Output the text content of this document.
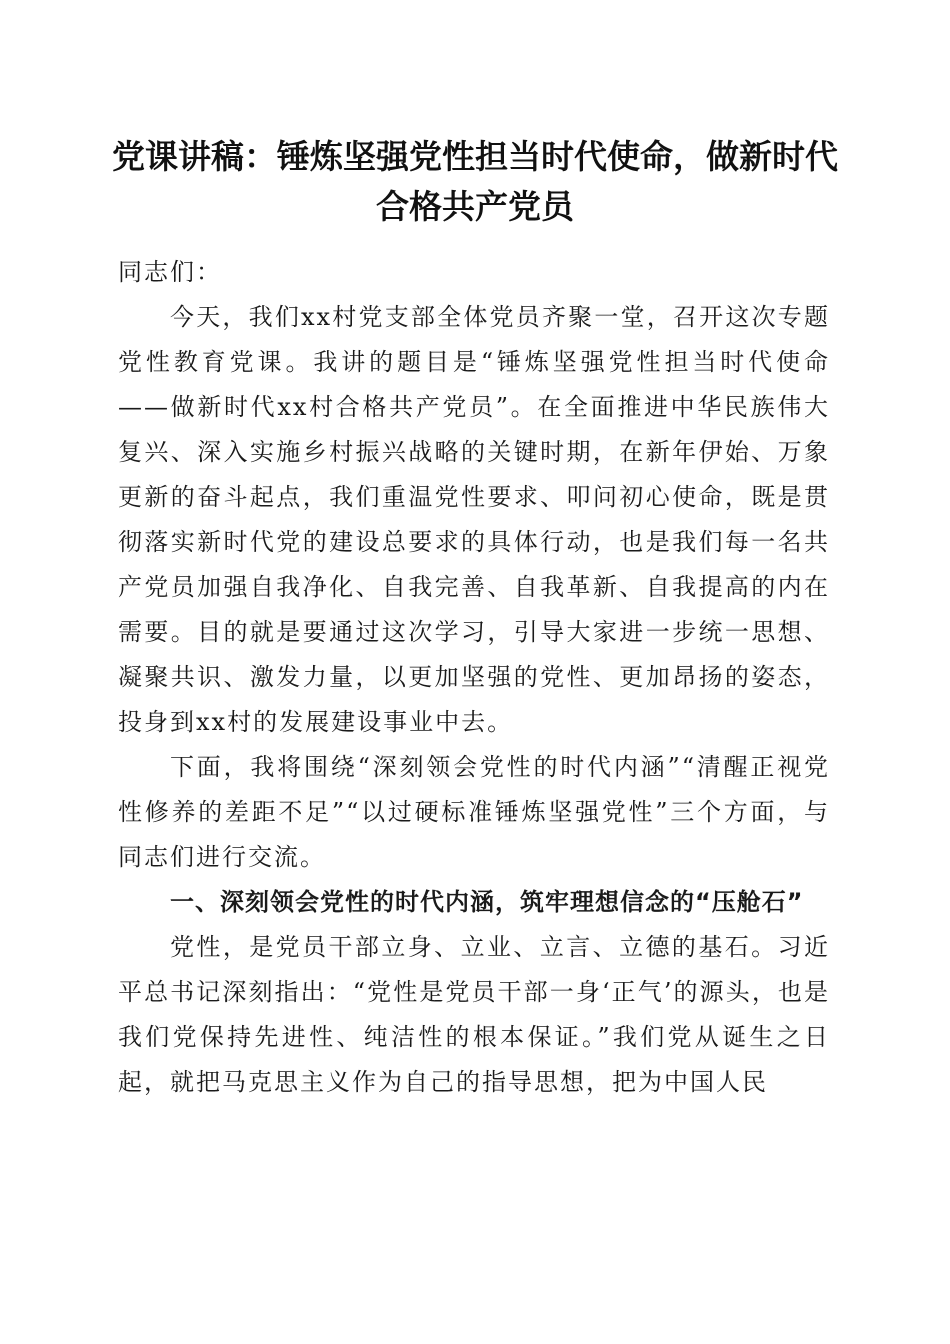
党课讲稿：锤炼坚强党性担当时代使命，做新时代合格共产党员

同志们：

今天，我们xx村党支部全体党员齐聚一堂，召开这次专题党性教育党课。我讲的题目是“锤炼坚强党性担当时代使命——做新时代xx村合格共产党员”。在全面推进中华民族伟大复兴、深入实施乡村振兴战略的关键时期，在新年伊始、万象更新的奋斗起点，我们重温党性要求、叩问初心使命，既是贯彻落实新时代党的建设总要求的具体行动，也是我们每一名共产党员加强自我净化、自我完善、自我革新、自我提高的内在需要。目的就是要通过这次学习，引导大家进一步统一思想、凝聚共识、激发力量，以更加坚强的党性、更加昂扬的姿态，投身到xx村的发展建设事业中去。

下面，我将围绕“深刻领会党性的时代内涵”“清醒正视党性修养的差距不足”“以过硬标准锤炼坚强党性”三个方面，与同志们进行交流。

一、深刻领会党性的时代内涵，筑牢理想信念的“压舱石”

党性，是党员干部立身、立业、立言、立德的基石。习近平总书记深刻指出：“党性是党员干部一身‘正气’的源头，也是我们党保持先进性、纯洁性的根本保证。”我们党从诞生之日起，就把马克思主义作为自己的指导思想，把为中国人民
